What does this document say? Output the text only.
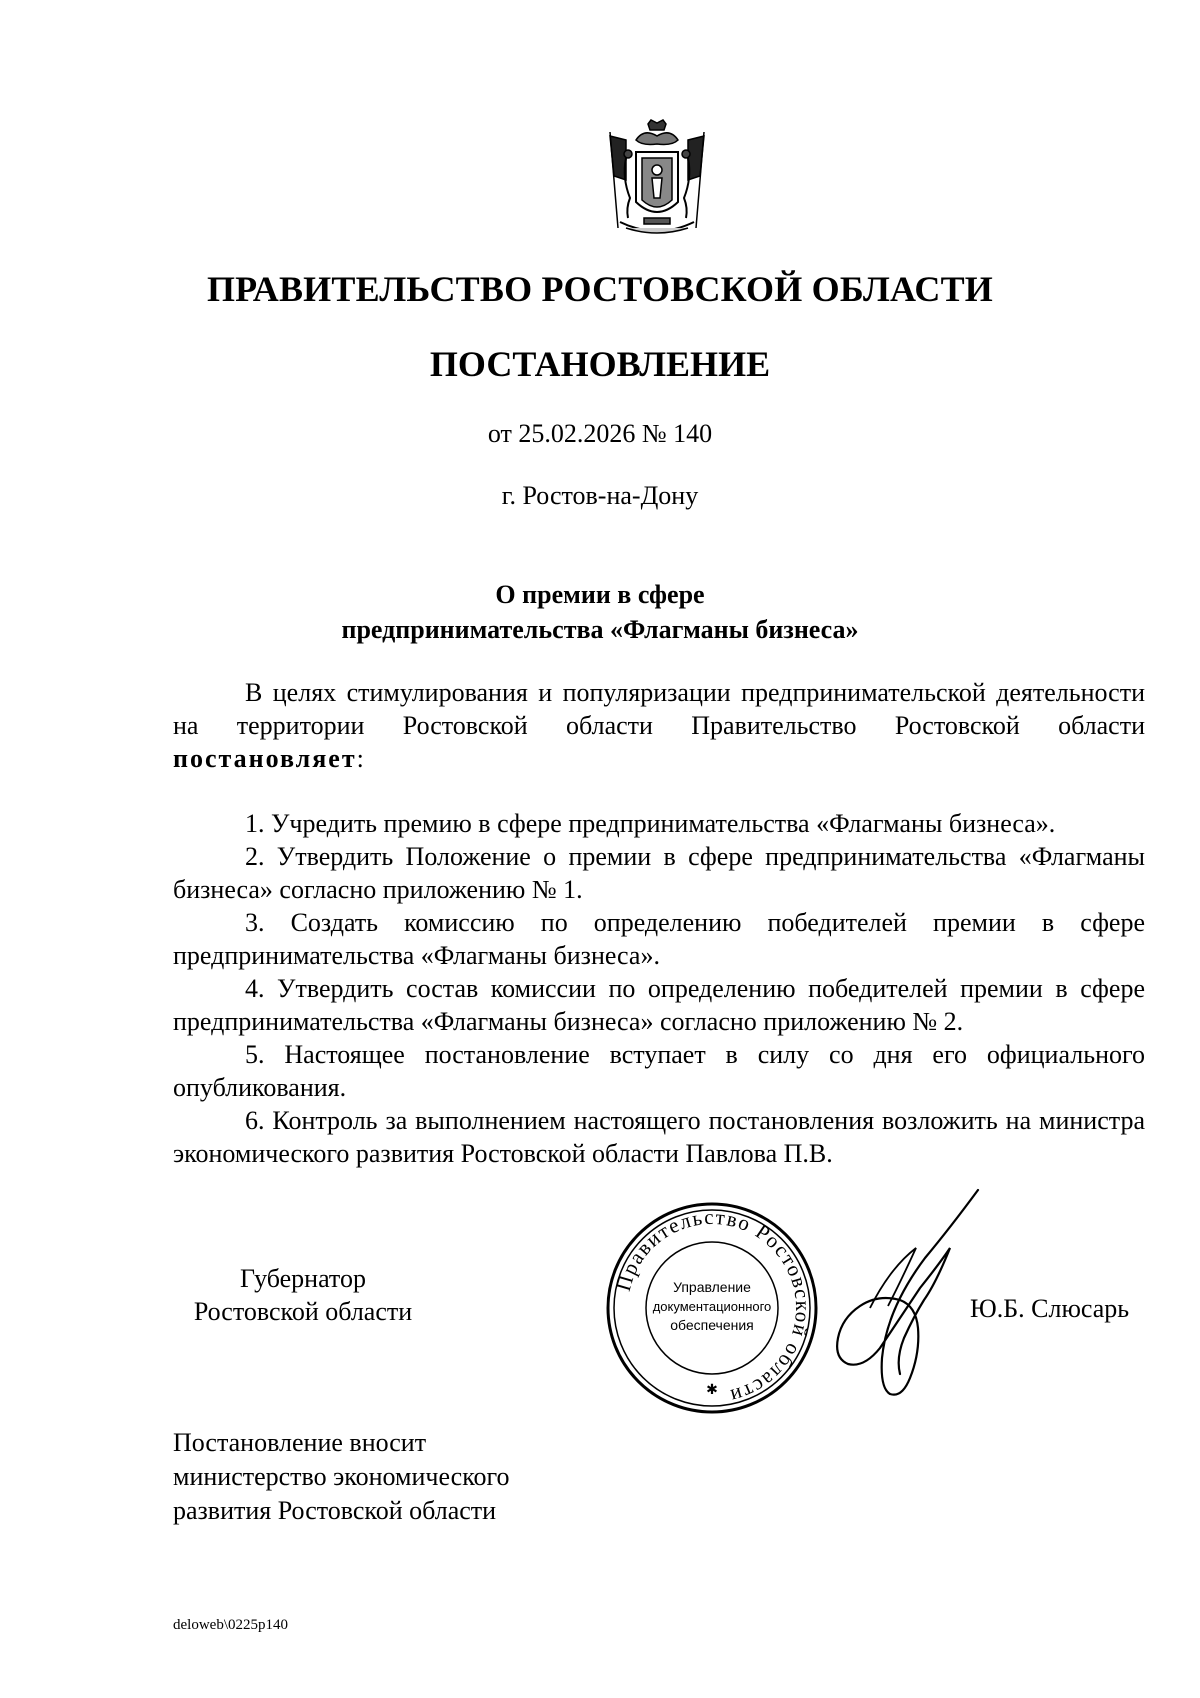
ПРАВИТЕЛЬСТВО РОСТОВСКОЙ ОБЛАСТИ
ПОСТАНОВЛЕНИЕ
от 25.02.2026 № 140
г. Ростов-на-Дону
О премии в сфере
предпринимательства «Флагманы бизнеса»
В целях стимулирования и популяризации предпринимательской деятельности на территории Ростовской области Правительство Ростовской области постановляет:
1. Учредить премию в сфере предпринимательства «Флагманы бизнеса».
2. Утвердить Положение о премии в сфере предпринимательства «Флагманы бизнеса» согласно приложению № 1.
3. Создать комиссию по определению победителей премии в сфере предпринимательства «Флагманы бизнеса».
4. Утвердить состав комиссии по определению победителей премии в сфере предпринимательства «Флагманы бизнеса» согласно приложению № 2.
5. Настоящее постановление вступает в силу со дня его официального опубликования.
6. Контроль за выполнением настоящего постановления возложить на министра экономического развития Ростовской области Павлова П.В.
Губернатор
Ростовской области
Правительство Ростовской области
Управление
документационного
обеспечения
✱
Ю.Б. Слюсарь
Постановление вносит
министерство экономического
развития Ростовской области
deloweb\0225p140
